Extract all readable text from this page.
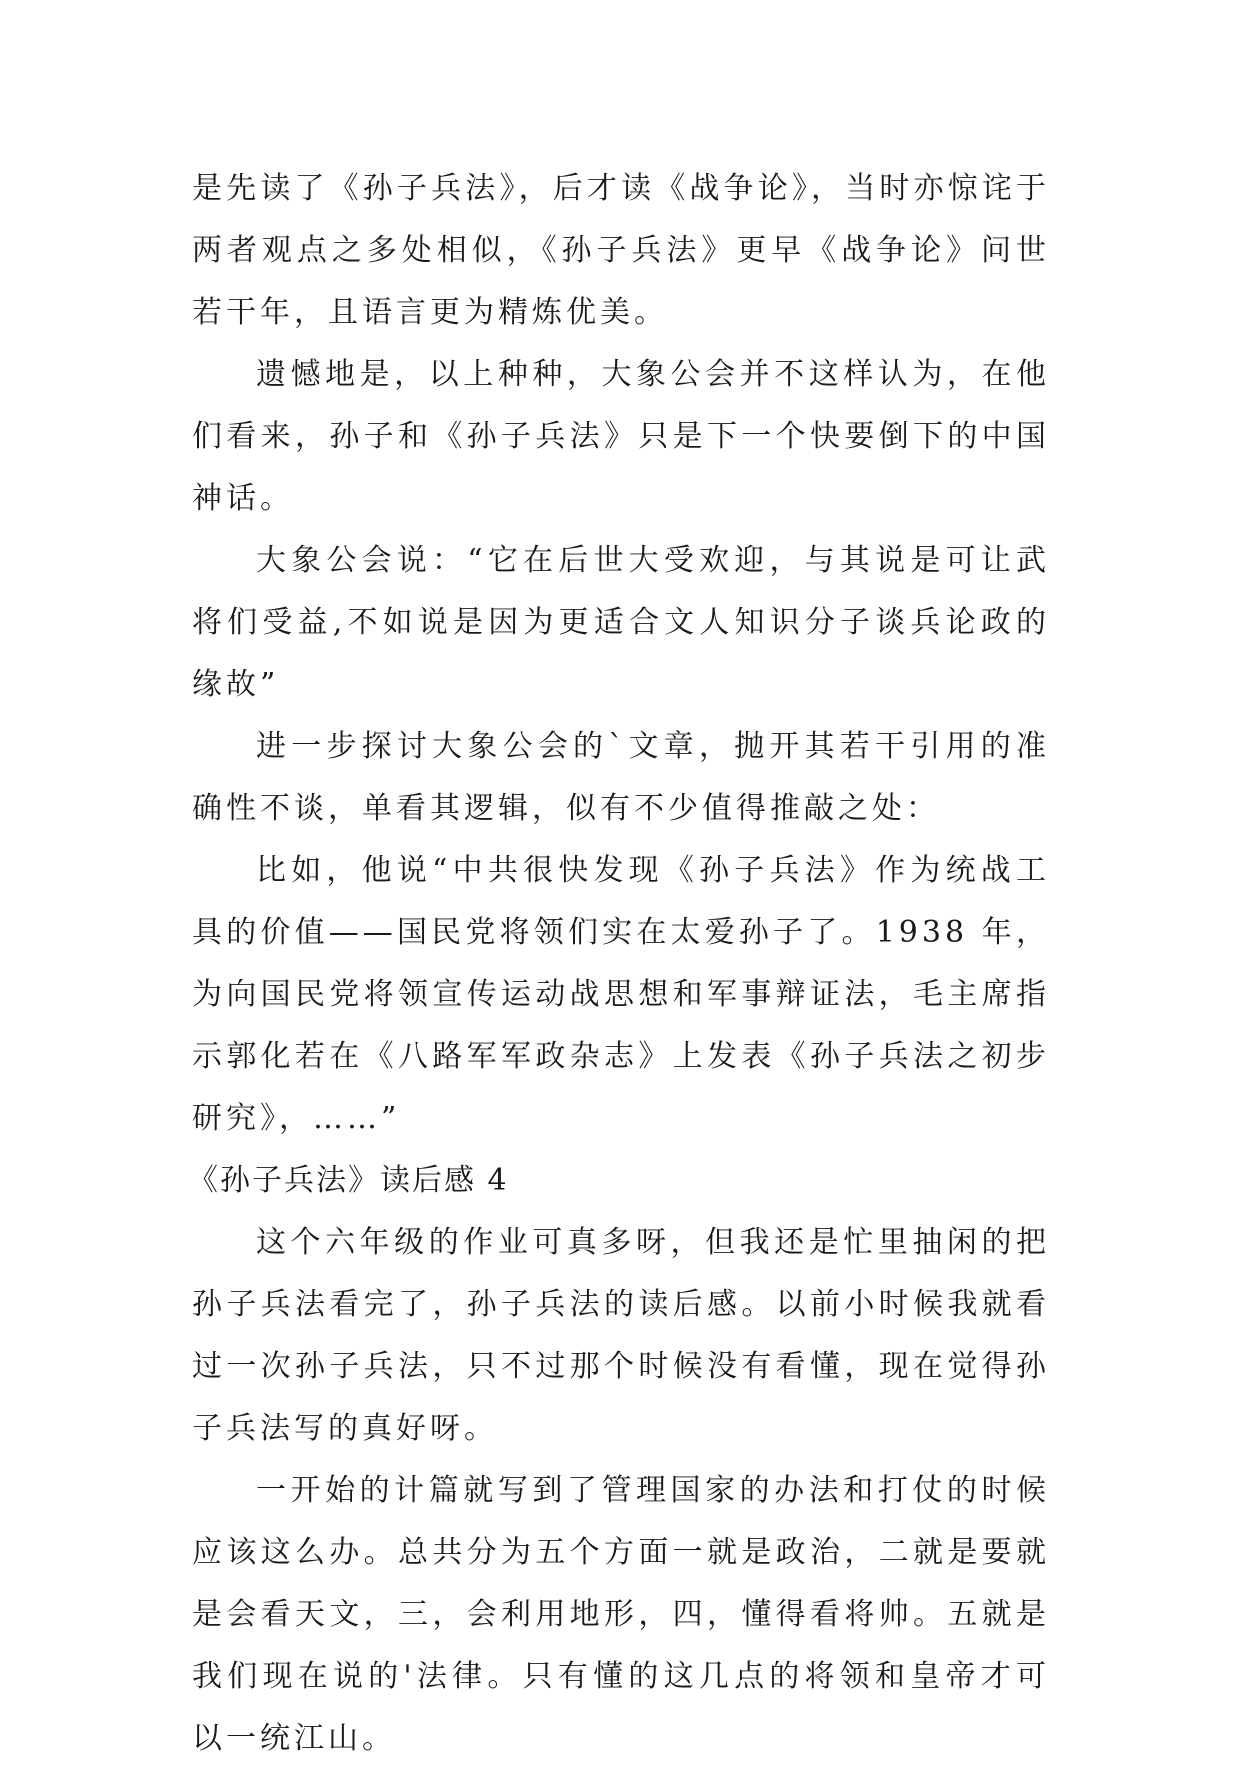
是先读了《孙子兵法》，后才读《战争论》，当时亦惊诧于两者观点之多处相似，《孙子兵法》更早《战争论》问世若干年，且语言更为精炼优美。

遗憾地是，以上种种，大象公会并不这样认为，在他们看来，孙子和《孙子兵法》只是下一个快要倒下的中国神话。

大象公会说：“它在后世大受欢迎，与其说是可让武将们受益,不如说是因为更适合文人知识分子谈兵论政的缘故”

进一步探讨大象公会的`文章，抛开其若干引用的准确性不谈，单看其逻辑，似有不少值得推敲之处：

比如，他说“中共很快发现《孙子兵法》作为统战工具的价值——国民党将领们实在太爱孙子了。1938 年，为向国民党将领宣传运动战思想和军事辩证法，毛主席指示郭化若在《八路军军政杂志》上发表《孙子兵法之初步研究》，……”

《孙子兵法》读后感 4

这个六年级的作业可真多呀，但我还是忙里抽闲的把孙子兵法看完了，孙子兵法的读后感。以前小时候我就看过一次孙子兵法，只不过那个时候没有看懂，现在觉得孙子兵法写的真好呀。

一开始的计篇就写到了管理国家的办法和打仗的时候应该这么办。总共分为五个方面一就是政治，二就是要就是会看天文，三，会利用地形，四，懂得看将帅。五就是我们现在说的'法律。只有懂的这几点的将领和皇帝才可以一统江山。
